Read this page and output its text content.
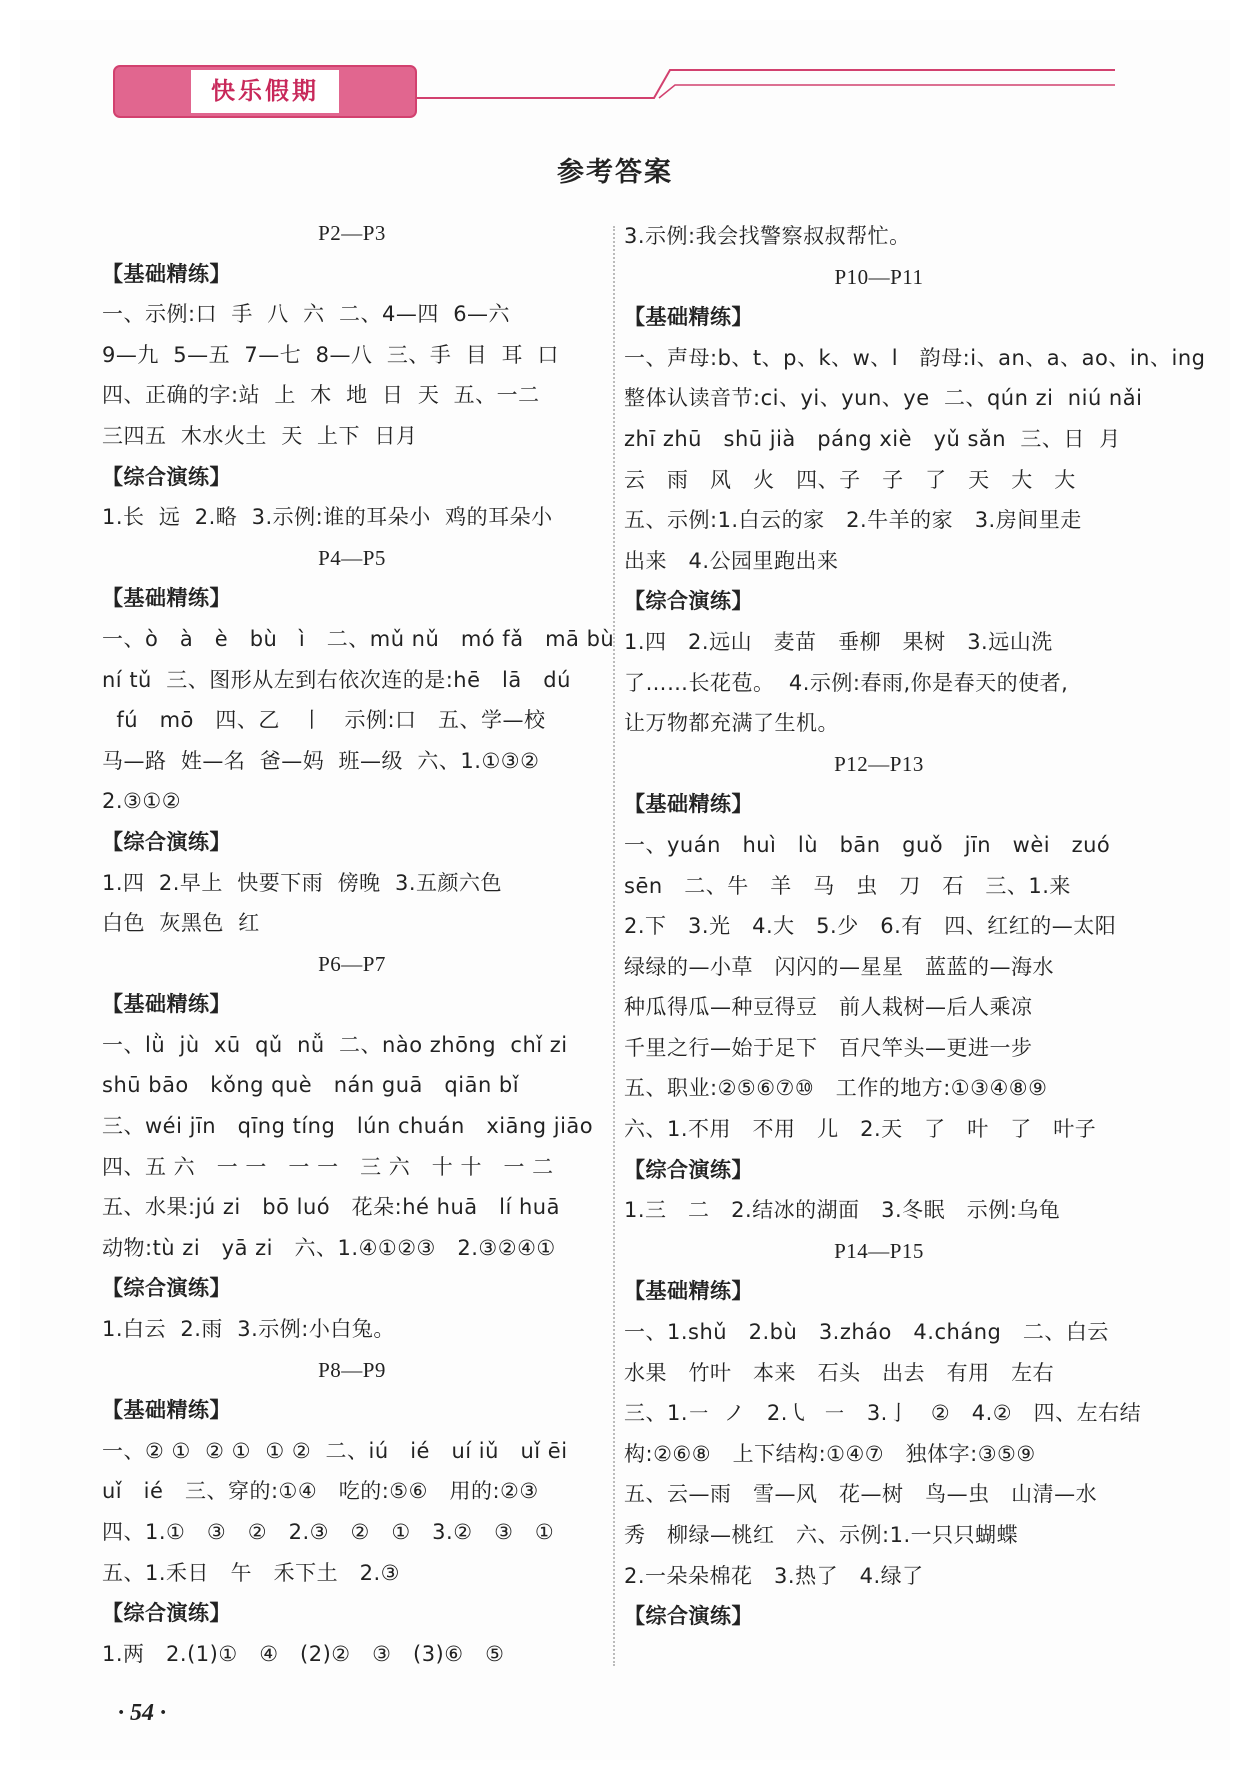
快乐假期
参考答案
P2—P3
【基础精练】
一、示例:口  手  八  六  二、4—四  6—六
9—九  5—五  7—七  8—八  三、手  目  耳  口
四、正确的字:站  上  木  地  日  天  五、一二
三四五  木水火土  天  上下  日月
【综合演练】
1.长  远  2.略  3.示例:谁的耳朵小  鸡的耳朵小
P4—P5
【基础精练】
一、ò   à   è   bù   ì   二、mǔ nǔ   mó fǎ   mā bù
ní tǔ  三、图形从左到右依次连的是:hē   lā   dú
fú   mō   四、乙   丨   示例:口   五、学—校
马—路  姓—名  爸—妈  班—级  六、1.①③②
2.③①②
【综合演练】
1.四  2.早上  快要下雨  傍晚  3.五颜六色
白色  灰黑色  红
P6—P7
【基础精练】
一、lǜ  jù  xū  qǔ  nǚ  二、nào zhōng  chǐ zi
shū bāo   kǒng què   nán guā   qiān bǐ
三、wéi jīn   qīng tíng   lún chuán   xiāng jiāo
四、五 六   一 一   一 一   三 六   十 十   一 二
五、水果:jú zi   bō luó   花朵:hé huā   lí huā
动物:tù zi   yā zi   六、1.④①②③   2.③②④①
【综合演练】
1.白云  2.雨  3.示例:小白兔。
P8—P9
【基础精练】
一、② ①  ② ①  ① ②  二、iú   ié   uí iǔ   uǐ ēi
uǐ   ié   三、穿的:①④   吃的:⑤⑥   用的:②③
四、1.①   ③   ②   2.③   ②   ①   3.②   ③   ①
五、1.禾日   午   禾下土   2.③
【综合演练】
1.两   2.(1)①   ④   (2)②   ③   (3)⑥   ⑤
3.示例:我会找警察叔叔帮忙。
P10—P11
【基础精练】
一、声母:b、t、p、k、w、l   韵母:i、an、a、ao、in、ing
整体认读音节:ci、yi、yun、ye  二、qún zi  niú nǎi
zhī zhū   shū jià   páng xiè   yǔ sǎn  三、日  月
云   雨   风   火   四、子   子   了   天   大   大
五、示例:1.白云的家   2.牛羊的家   3.房间里走
出来   4.公园里跑出来
【综合演练】
1.四   2.远山   麦苗   垂柳   果树   3.远山洗
了……长花苞。  4.示例:春雨,你是春天的使者,
让万物都充满了生机。
P12—P13
【基础精练】
一、yuán   huì   lù   bān   guǒ   jīn   wèi   zuó
sēn   二、牛   羊   马   虫   刀   石   三、1.来
2.下   3.光   4.大   5.少   6.有   四、红红的—太阳
绿绿的—小草   闪闪的—星星   蓝蓝的—海水
种瓜得瓜—种豆得豆   前人栽树—后人乘凉
千里之行—始于足下   百尺竿头—更进一步
五、职业:②⑤⑥⑦⑩   工作的地方:①③④⑧⑨
六、1.不用   不用   儿   2.天   了   叶   了   叶子
【综合演练】
1.三   二   2.结冰的湖面   3.冬眠   示例:乌龟
P14—P15
【基础精练】
一、1.shǔ   2.bù   3.zháo   4.cháng   二、白云
水果   竹叶   本来   石头   出去   有用   左右
三、1.㇐  ノ   2.㇂  ㇐   3.亅   ②   4.②   四、左右结
构:②⑥⑧   上下结构:①④⑦   独体字:③⑤⑨
五、云—雨   雪—风   花—树   鸟—虫   山清—水
秀   柳绿—桃红   六、示例:1.一只只蝴蝶
2.一朵朵棉花   3.热了   4.绿了
【综合演练】
· 54 ·
